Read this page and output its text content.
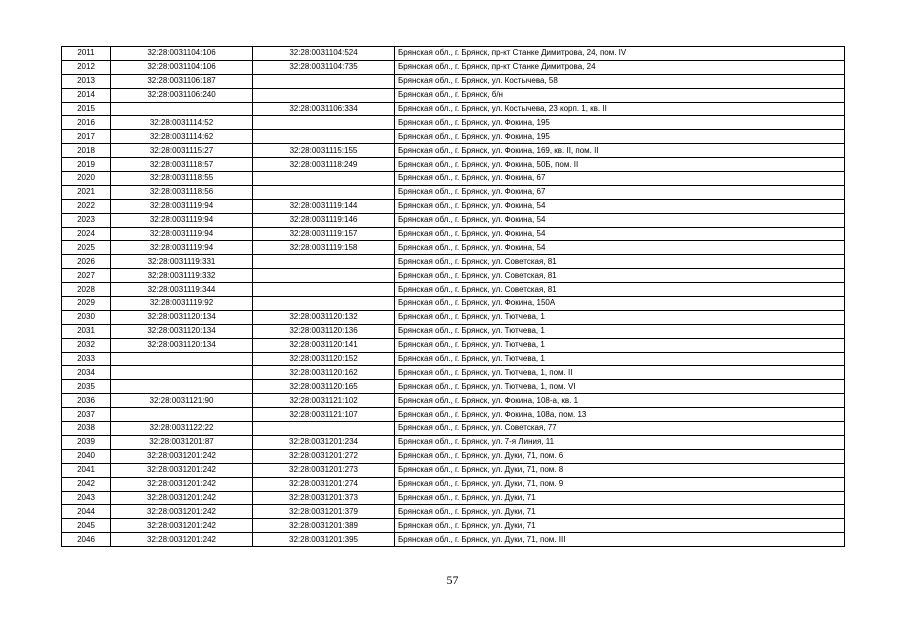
2011	32:28:0031104:106	32:28:0031104:524	Брянская обл., г. Брянск, пр-кт Станке Димитрова, 24, пом. IV
2012	32:28:0031104:106	32:28:0031104:735	Брянская обл., г. Брянск, пр-кт Станке Димитрова, 24
2013	32:28:0031106:187		Брянская обл., г. Брянск, ул. Костычева, 58
2014	32:28:0031106:240		Брянская обл., г. Брянск, б/н
2015		32:28:0031106:334	Брянская обл., г. Брянск, ул. Костычева, 23 корп. 1, кв. II
2016	32:28:0031114:52		Брянская обл., г. Брянск, ул. Фокина, 195
2017	32:28:0031114:62		Брянская обл., г. Брянск, ул. Фокина, 195
2018	32:28:0031115:27	32:28:0031115:155	Брянская обл., г. Брянск, ул. Фокина, 169, кв. II, пом. II
2019	32:28:0031118:57	32:28:0031118:249	Брянская обл., г. Брянск, ул. Фокина, 50Б, пом. II
2020	32:28:0031118:55		Брянская обл., г. Брянск, ул. Фокина, 67
2021	32:28:0031118:56		Брянская обл., г. Брянск, ул. Фокина, 67
2022	32:28:0031119:94	32:28:0031119:144	Брянская обл., г. Брянск, ул. Фокина, 54
2023	32:28:0031119:94	32:28:0031119:146	Брянская обл., г. Брянск, ул. Фокина, 54
2024	32:28:0031119:94	32:28:0031119:157	Брянская обл., г. Брянск, ул. Фокина, 54
2025	32:28:0031119:94	32:28:0031119:158	Брянская обл., г. Брянск, ул. Фокина, 54
2026	32:28:0031119:331		Брянская обл., г. Брянск, ул. Советская, 81
2027	32:28:0031119:332		Брянская обл., г. Брянск, ул. Советская, 81
2028	32:28:0031119:344		Брянская обл., г. Брянск, ул. Советская, 81
2029	32:28:0031119:92		Брянская обл., г. Брянск, ул. Фокина, 150А
2030	32:28:0031120:134	32:28:0031120:132	Брянская обл., г. Брянск, ул. Тютчева, 1
2031	32:28:0031120:134	32:28:0031120:136	Брянская обл., г. Брянск, ул. Тютчева, 1
2032	32:28:0031120:134	32:28:0031120:141	Брянская обл., г. Брянск, ул. Тютчева, 1
2033		32:28:0031120:152	Брянская обл., г. Брянск, ул. Тютчева, 1
2034		32:28:0031120:162	Брянская обл., г. Брянск, ул. Тютчева, 1, пом. II
2035		32:28:0031120:165	Брянская обл., г. Брянск, ул. Тютчева, 1, пом. VI
2036	32:28:0031121:90	32:28:0031121:102	Брянская обл., г. Брянск, ул. Фокина, 108-а, кв. 1
2037		32:28:0031121:107	Брянская обл., г. Брянск, ул. Фокина, 108а, пом. 13
2038	32:28:0031122:22		Брянская обл., г. Брянск, ул. Советская, 77
2039	32:28:0031201:87	32:28:0031201:234	Брянская обл., г. Брянск, ул. 7-я Линия, 11
2040	32:28:0031201:242	32:28:0031201:272	Брянская обл., г. Брянск, ул. Дуки, 71, пом. 6
2041	32:28:0031201:242	32:28:0031201:273	Брянская обл., г. Брянск, ул. Дуки, 71, пом. 8
2042	32:28:0031201:242	32:28:0031201:274	Брянская обл., г. Брянск, ул. Дуки, 71, пом. 9
2043	32:28:0031201:242	32:28:0031201:373	Брянская обл., г. Брянск, ул. Дуки, 71
2044	32:28:0031201:242	32:28:0031201:379	Брянская обл., г. Брянск, ул. Дуки, 71
2045	32:28:0031201:242	32:28:0031201:389	Брянская обл., г. Брянск, ул. Дуки, 71
2046	32:28:0031201:242	32:28:0031201:395	Брянская обл., г. Брянск, ул. Дуки, 71, пом. III
57
